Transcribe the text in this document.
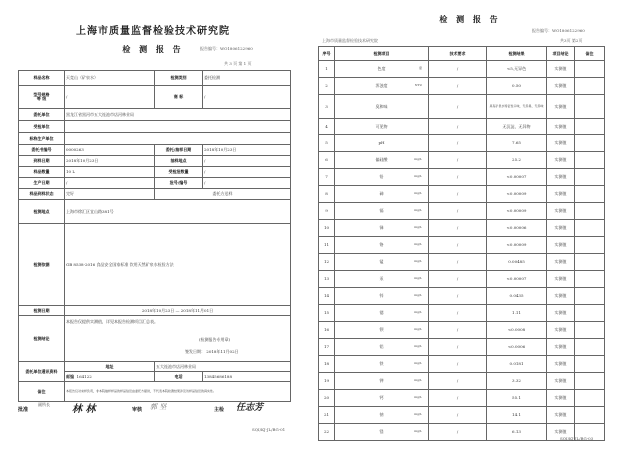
上海市质量监督检验技术研究院
检 测 报 告	报告编号：WO1806122960
共 3 页 第 1 页
样品名称	天竞山（矿泉水）	检测类别	委托检测
型号规格
等 级	/	商 标	/
委托单位	黑龙江省黑河市五大连池市店河林业局		
受检单位			
标称生产单位			
委托书编号	0000263	委托/抽样日期	2018年10月23日
到样日期	2018年10月23日	抽样地点	/
样品数量	10 L	受检批数量	/
生产日期	/	批号/编号	/
样品到样状态	完好	委托方送样	
检测地点	上海市徐汇区宜山路381号		
检测依据	GB 8538-2016 食品安全国家标准 饮用天然矿泉水检验方法		
检测日期	2018年10月23日 — 2018年11月01日		
检测结论	本报告仅提供实测值，详见本报告检测项目汇总表。
(检测报告专用章)
签发日期： 2018年11月02日		

委托单位通讯资料	地址	五大连池市店河林业局	
	邮编 164122	电话	13845686188
备注	本报告仅对来样负责，非本院抽样样品的样品信息由委托方提供，不代表本院检测结果涉及该样品信息的真实性。		
批准
副所长 林 林	审核 郭 坚	主检 任志芳
SQI/KJ-JL/BG-01
检 测 报 告
报告编号：WO1806122960
上海市质量监督检验技术研究院	共3页 第2页
序号	检测项目	技术要求	检测结果	项目结论	备注
1	色度 度	/	<5,无异色	实测值	
2	浑浊度 NTU	/	0.50	实测值	
3	臭和味	/	具有矿泉水特征性口味，无异臭、无异味	实测值	
4	可见物	/	无沉淀、无异物	实测值	
5	pH	/	7.65	实测值	
6	偏硅酸 mg/L	/	25.2	实测值	
7	铅 mg/L	/	<0.00007	实测值	
8	砷 mg/L	/	<0.00009	实测值	
9	镉 mg/L	/	<0.00009	实测值	
10	锑 mg/L	/	<0.00006	实测值	
11	铬 mg/L	/	<0.00009	实测值	
12	锰 mg/L	/	0.00485	实测值	
13	汞 mg/L	/	<0.00007	实测值	
14	锌 mg/L	/	0.0435	实测值	
15	锶 mg/L	/	1.11	实测值	
16	钡 mg/L	/	<0.0008	实测值	
17	铝 mg/L	/	<0.0006	实测值	
18	铁 mg/L	/	0.0181	实测值	
19	钾 mg/L	/	3.32	实测值	
20	钙 mg/L	/	55.1	实测值	
21	钠 mg/L	/	14.1	实测值	
22	镁 mg/L	/	6.13	实测值	
SQI/KJ-JL/BG-03
